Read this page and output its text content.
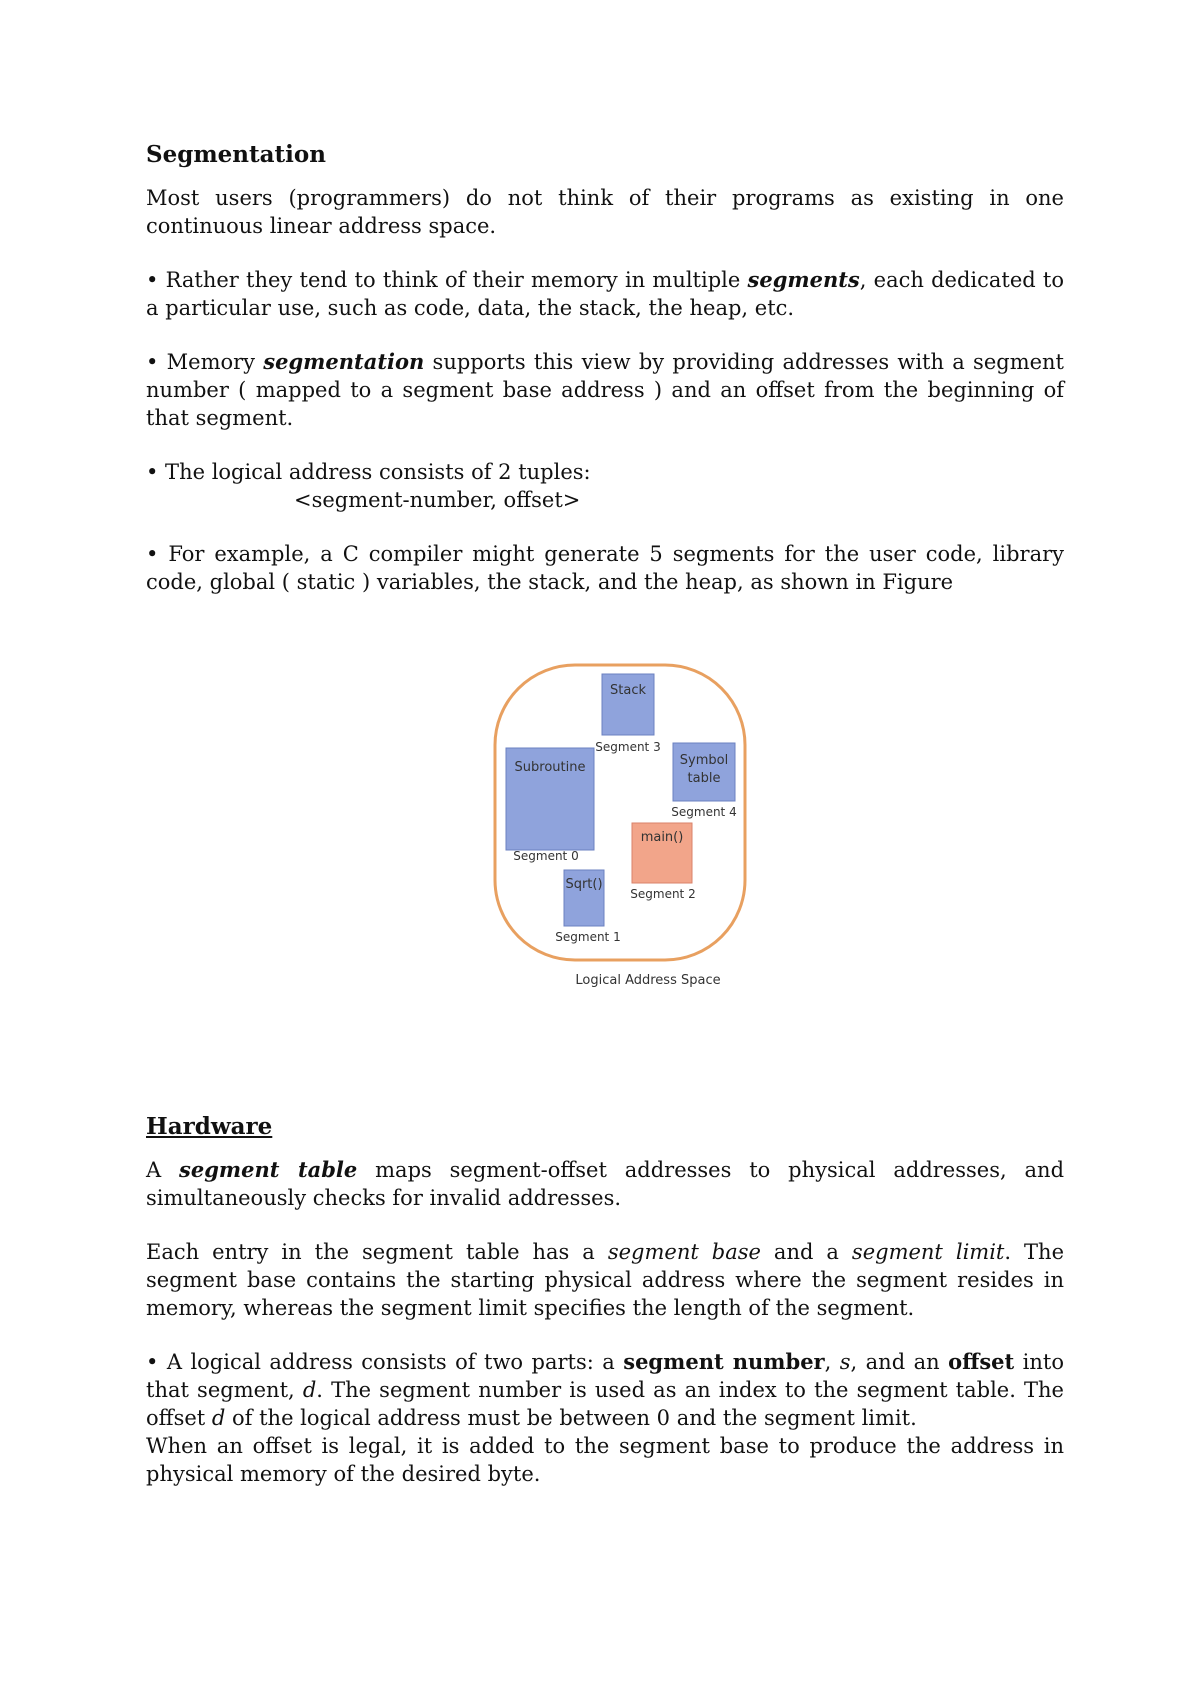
Segmentation

Most users (programmers) do not think of their programs as existing in one continuous linear address space.

• Rather they tend to think of their memory in multiple segments, each dedicated to a particular use, such as code, data, the stack, the heap, etc.

• Memory segmentation supports this view by providing addresses with a segment number ( mapped to a segment base address ) and an offset from the beginning of that segment.

• The logical address consists of 2 tuples:
<segment-number, offset>

• For example, a C compiler might generate 5 segments for the user code, library code, global ( static ) variables, the stack, and the heap, as shown in Figure

Stack
Segment 3
Symbol
table
Segment 4
Subroutine
Segment 0
main()
Segment 2
Sqrt()
Segment 1
Logical Address Space
Hardware

A segment table maps segment-offset addresses to physical addresses, and simultaneously checks for invalid addresses.

Each entry in the segment table has a segment base and a segment limit. The segment base contains the starting physical address where the segment resides in memory, whereas the segment limit specifies the length of the segment.

• A logical address consists of two parts: a segment number, s, and an offset into that segment, d. The segment number is used as an index to the segment table. The offset d of the logical address must be between 0 and the segment limit.

When an offset is legal, it is added to the segment base to produce the address in physical memory of the desired byte.
